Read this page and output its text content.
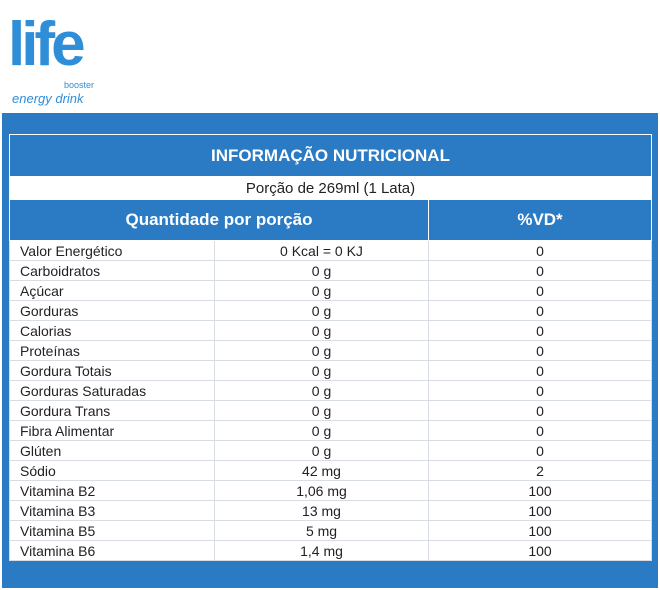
life
booster
energy drink
INFORMAÇÃO NUTRICIONAL		
Porção de 269ml (1 Lata)		
Quantidade por porção		%VD*
Valor Energético	0 Kcal = 0 KJ	0
Carboidratos	0 g	0
Açúcar	0 g	0
Gorduras	0 g	0
Calorias	0 g	0
Proteínas	0 g	0
Gordura Totais	0 g	0
Gorduras Saturadas	0 g	0
Gordura Trans	0 g	0
Fibra Alimentar	0 g	0
Glúten	0 g	0
Sódio	42 mg	2
Vitamina B2	1,06 mg	100
Vitamina B3	13 mg	100
Vitamina B5	5 mg	100
Vitamina B6	1,4 mg	100
